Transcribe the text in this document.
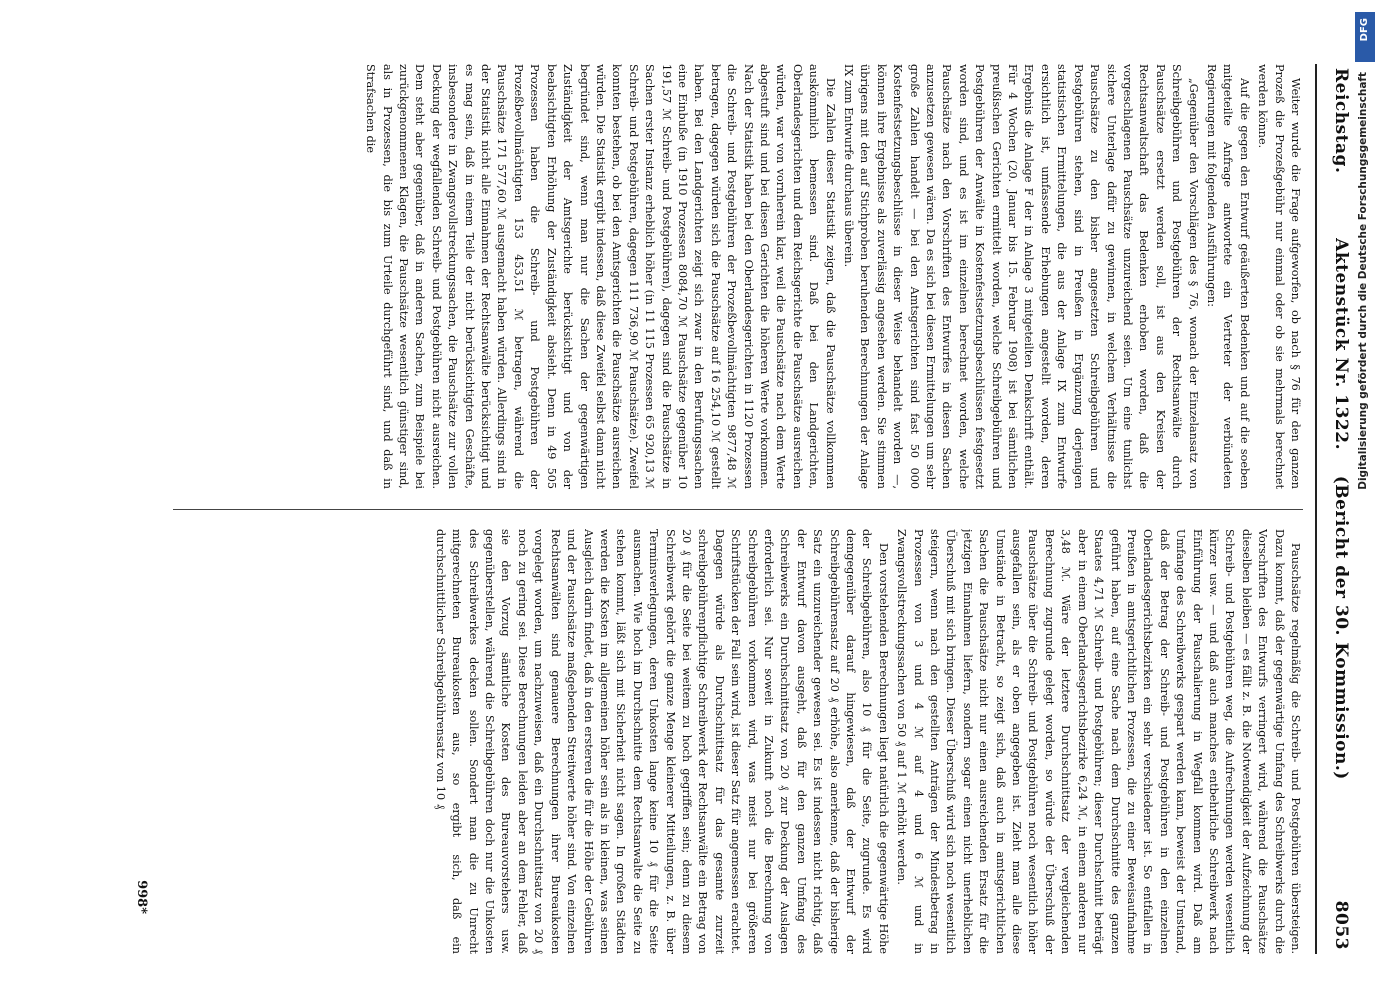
Reichstag.
Aktenstück Nr. 1322.    (Bericht der 30. Kommission.)
8053

Weiter wurde die Frage aufgeworfen, ob nach § 76 für den ganzen Prozeß die Prozeßgebühr nur einmal oder ob sie mehrmals berechnet werden könne.

Auf die gegen den Entwurf geäußerten Bedenken und auf die soeben mitgeteilte Anfrage antwortete ein Vertreter der verbündeten Regierungen mit folgenden Ausführungen:

„Gegenüber den Vorschlägen des § 76, wonach der Einzelansatz von Schreibgebühren und Postgebühren der Rechtsanwälte durch Pauschsätze ersetzt werden soll, ist aus den Kreisen der Rechtsanwaltschaft das Bedenken erhoben worden, daß die vorgeschlagenen Pauschsätze unzureichend seien. Um eine tunlichst sichere Unterlage dafür zu gewinnen, in welchem Verhältnisse die Pauschsätze zu den bisher angesetzten Schreibgebühren und Postgebühren stehen, sind in Preußen in Ergänzung derjenigen statistischen Ermittelungen, die aus der Anlage IX zum Entwurfe ersichtlich ist, umfassende Erhebungen angestellt worden, deren Ergebnis die Anlage F der in Anlage 3 mitgeteilten Denkschrift enthält. Für 4 Wochen (20. Januar bis 15. Februar 1908) ist bei sämtlichen preußischen Gerichten ermittelt worden, welche Schreibgebühren und Postgebühren der Anwälte in Kostenfestsetzungsbeschlüssen festgesetzt worden sind, und es ist im einzelnen berechnet worden, welche Pauschsätze nach den Vorschriften des Entwurfes in diesen Sachen anzusetzen gewesen wären. Da es sich bei diesen Ermittelungen um sehr große Zahlen handelt — bei den Amtsgerichten sind fast 50 000 Kostenfestsetzungsbeschlüsse in dieser Weise behandelt worden —, können ihre Ergebnisse als zuverlässig angesehen werden. Sie stimmen übrigens mit den auf Stichproben beruhenden Berechnungen der Anlage IX zum Entwurfe durchaus überein.

Die Zahlen dieser Statistik zeigen, daß die Pauschsätze vollkommen auskömmlich bemessen sind. Daß bei den Landgerichten, Oberlandesgerichten und dem Reichsgerichte die Pauschsätze ausreichen würden, war von vornherein klar, weil die Pauschsätze nach dem Werte abgestuft sind und bei diesen Gerichten die höheren Werte vorkommen. Nach der Statistik haben bei den Oberlandesgerichten in 1120 Prozessen die Schreib- und Postgebühren der Prozeßbevollmächtigten 9877,48 ℳ betragen, dagegen würden sich die Pauschsätze auf 16 254,10 ℳ gestellt haben. Bei den Landgerichten zeigt sich zwar in den Berufungssachen eine Einbuße (in 1910 Prozessen 8084,70 ℳ Pauschsätze gegenüber 10 191,57 ℳ Schreib- und Postgebühren), dagegen sind die Pauschsätze in Sachen erster Instanz erheblich höher (in 11 115 Prozessen 65 920,13 ℳ Schreib- und Postgebühren, dagegen 111 736,90 ℳ Pauschsätze). Zweifel konnten bestehen, ob bei den Amtsgerichten die Pauschsätze ausreichen würden. Die Statistik ergibt indessen, daß diese Zweifel selbst dann nicht begründet sind, wenn man nur die Sachen der gegenwärtigen Zuständigkeit der Amtsgerichte berücksichtigt und von der beabsichtigten Erhöhung der Zuständigkeit absieht. Denn in 49 505 Prozessen haben die Schreib- und Postgebühren der Prozeßbevollmächtigten 153 453,51 ℳ betragen, während die Pauschsätze 171 577,60 ℳ ausgemacht haben würden. Allerdings sind in der Statistik nicht alle Einnahmen der Rechtsanwälte berücksichtigt und es mag sein, daß in einem Teile der nicht berücksichtigten Geschäfte, insbesondere in Zwangsvollstreckungssachen, die Pauschsätze zur vollen Deckung der wegfallenden Schreib- und Postgebühren nicht ausreichen. Dem steht aber gegenüber, daß in anderen Sachen, zum Beispiele bei zurückgenommenen Klagen, die Pauschsätze wesentlich günstiger sind, als in Prozessen, die bis zum Urteile durchgeführt sind, und daß in Strafsachen die

Pauschsätze regelmäßig die Schreib- und Postgebühren übersteigen. Dazu kommt, daß der gegenwärtige Umfang des Schreibwerks durch die Vorschriften des Entwurfs verringert wird, während die Pauschsätze dieselben bleiben — es fällt z. B. die Notwendigkeit der Aufzeichnung der Schreib- und Postgebühren weg, die Aufrechnungen werden wesentlich kürzer usw. — und daß auch manches entbehrliche Schreibwerk nach Einführung der Pauschalierung in Wegfall kommen wird. Daß am Umfange des Schreibwerks gespart werden kann, beweist der Umstand, daß der Betrag der Schreib- und Postgebühren in den einzelnen Oberlandesgerichtsbezirken ein sehr verschiedener ist. So entfallen in Preußen in amtsgerichtlichen Prozessen, die zu einer Beweisaufnahme geführt haben, auf eine Sache nach dem Durchschnitte des ganzen Staates 4,71 ℳ Schreib- und Postgebühren; dieser Durchschnitt beträgt aber in einem Oberlandesgerichtsbezirke 6,24 ℳ, in einem anderen nur 3,48 ℳ. Wäre der letztere Durchschnittsatz der vergleichenden Berechnung zugrunde gelegt worden, so würde der Überschuß der Pauschsätze über die Schreib- und Postgebühren noch wesentlich höher ausgefallen sein, als er oben angegeben ist. Zieht man alle diese Umstände in Betracht, so zeigt sich, daß auch in amtsgerichtlichen Sachen die Pauschsätze nicht nur einen ausreichenden Ersatz für die jetzigen Einnahmen liefern, sondern sogar einen nicht unerheblichen Überschuß mit sich bringen. Dieser Überschuß wird sich noch wesentlich steigern, wenn nach den gestellten Anträgen der Mindestbetrag in Prozessen von 3 und 4 ℳ auf 4 und 6 ℳ und in Zwangsvollstreckungssachen von 50 ₰ auf 1 ℳ erhöht werden.

Den vorstehenden Berechnungen liegt natürlich die gegenwärtige Höhe der Schreibgebühren, also 10 ₰ für die Seite, zugrunde. Es wird demgegenüber darauf hingewiesen, daß der Entwurf der Schreibgebührensatz auf 20 ₰ erhöhe, also anerkenne, daß der bisherige Satz ein unzureichender gewesen sei. Es ist indessen nicht richtig, daß der Entwurf davon ausgeht, daß für den ganzen Umfang des Schreibwerks ein Durchschnittsatz von 20 ₰ zur Deckung der Auslagen erforderlich sei. Nur soweit in Zukunft noch die Berechnung von Schreibgebühren vorkommen wird, was meist nur bei größeren Schriftstücken der Fall sein wird, ist dieser Satz für angemessen erachtet. Dagegen würde als Durchschnittsatz für das gesamte zurzeit schreibgebührenpflichtige Schreibwerk der Rechtsanwälte ein Betrag von 20 ₰ für die Seite bei weitem zu hoch gegriffen sein; denn zu diesem Schreibwerk gehört die ganze Menge kleinerer Mitteilungen, z. B. über Terminsverlegungen, deren Unkosten lange keine 10 ₰ für die Seite ausmachen. Wie hoch im Durchschnitte dem Rechtsanwalte die Seite zu stehen kommt, läßt sich mit Sicherheit nicht sagen. In großen Städten werden die Kosten im allgemeinen höher sein als in kleinen, was seinen Ausgleich darin findet, daß in den ersteren die für die Höhe der Gebühren und der Pauschsätze maßgebenden Streitwerte höher sind. Von einzelnen Rechtsanwälten sind genauere Berechnungen ihrer Bureaukosten vorgelegt worden, um nachzuweisen, daß ein Durchschnittsatz von 20 ₰ noch zu gering sei. Diese Berechnungen leiden aber an dem Fehler, daß sie den Vorzug sämtliche Kosten des Bureauvorstehers usw. gegenüberstellen, während die Schreibgebühren doch nur die Unkosten des Schreibwerkes decken sollen. Sondert man die zu Unrecht mitgerechneten Bureaukosten aus, so ergibt sich, daß ein durchschnittlicher Schreibgebührensatz von 10 ₰

998*
DFG
Digitalisierung gefördert durch die Deutsche Forschungsgemeinschaft
